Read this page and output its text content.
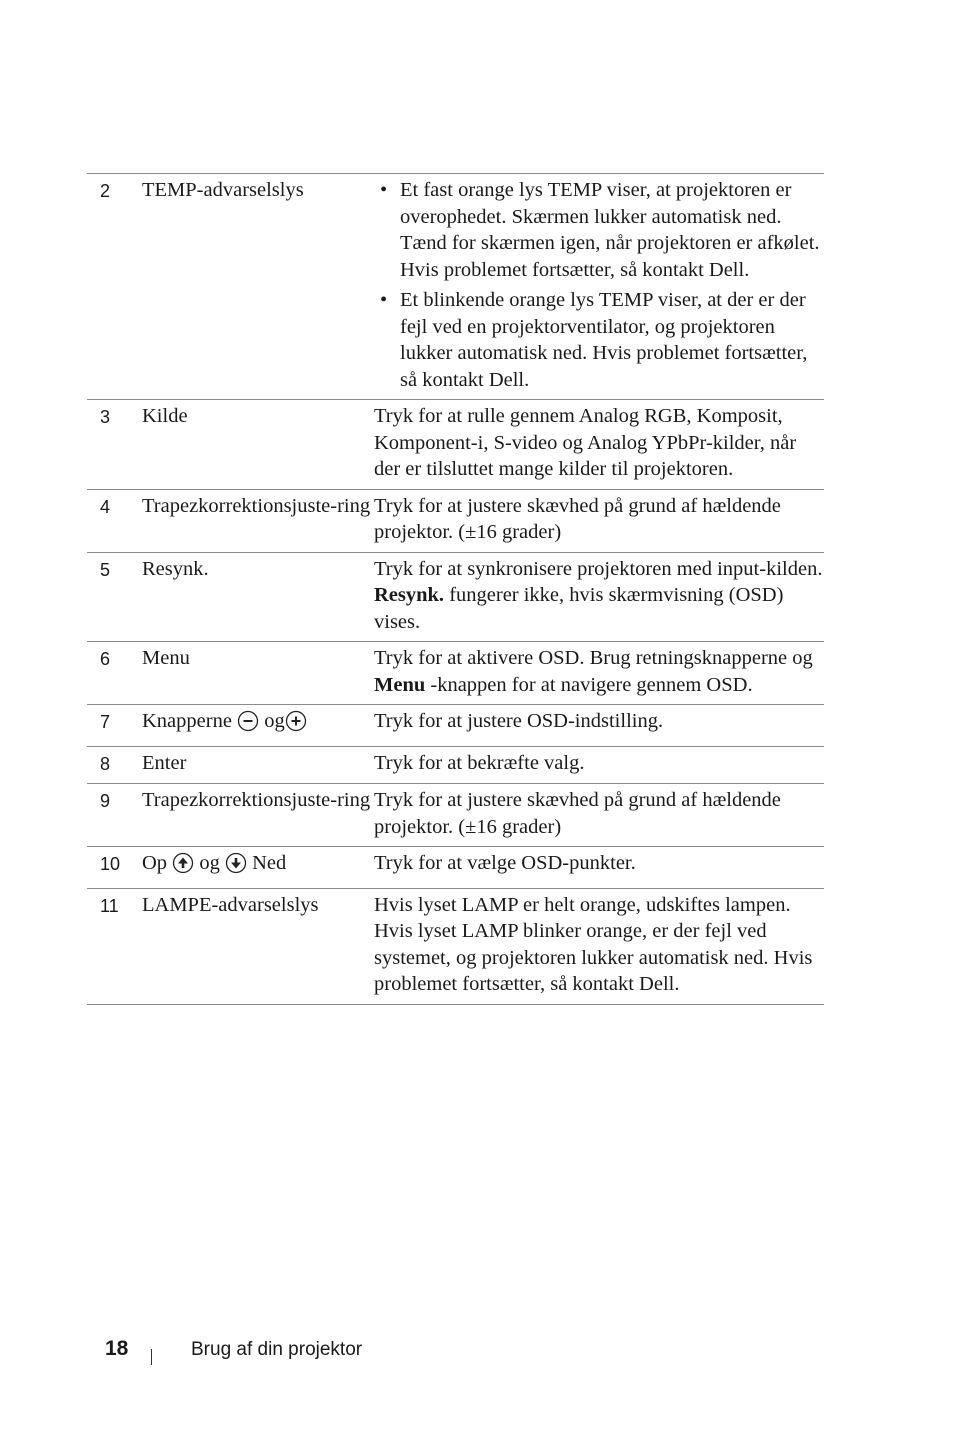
2	TEMP-advarselslys
•	Et fast orange lys TEMP viser, at projektoren er overophedet. Skærmen lukker automatisk ned. Tænd for skærmen igen, når projektoren er afkølet. Hvis problemet fortsætter, så kontakt Dell.
• Et blinkende orange lys TEMP viser, at der er der fejl ved en projektorventilator, og projektoren lukker automatisk ned. Hvis problemet fortsætter, så kontakt Dell.
3	Kilde	Tryk for at rulle gennem Analog RGB, Komposit, Komponent-i, S-video og Analog YPbPr-kilder, når der er tilsluttet mange kilder til projektoren.
4	Trapezkorrektionsjuste-ring Tryk for at justere skævhed på grund af hældende projektor. (±16 grader)
5	Resynk.	Tryk for at synkronisere projektoren med input-kilden. Resynk. fungerer ikke, hvis skærmvisning (OSD) vises.
6	Menu	Tryk for at aktivere OSD. Brug retningsknapperne og Menu -knappen for at navigere gennem OSD.
7	Knapperne og	Tryk for at justere OSD-indstilling.
8	Enter	Tryk for at bekræfte valg.
9	Trapezkorrektionsjuste-ring Tryk for at justere skævhed på grund af hældende projektor. (±16 grader)
10	Op og Ned	Tryk for at vælge OSD-punkter.
11	LAMPE-advarselslys	Hvis lyset LAMP er helt orange, udskiftes lampen. Hvis lyset LAMP blinker orange, er der fejl ved systemet, og projektoren lukker automatisk ned. Hvis problemet fortsætter, så kontakt Dell.
18	Brug af din projektor
